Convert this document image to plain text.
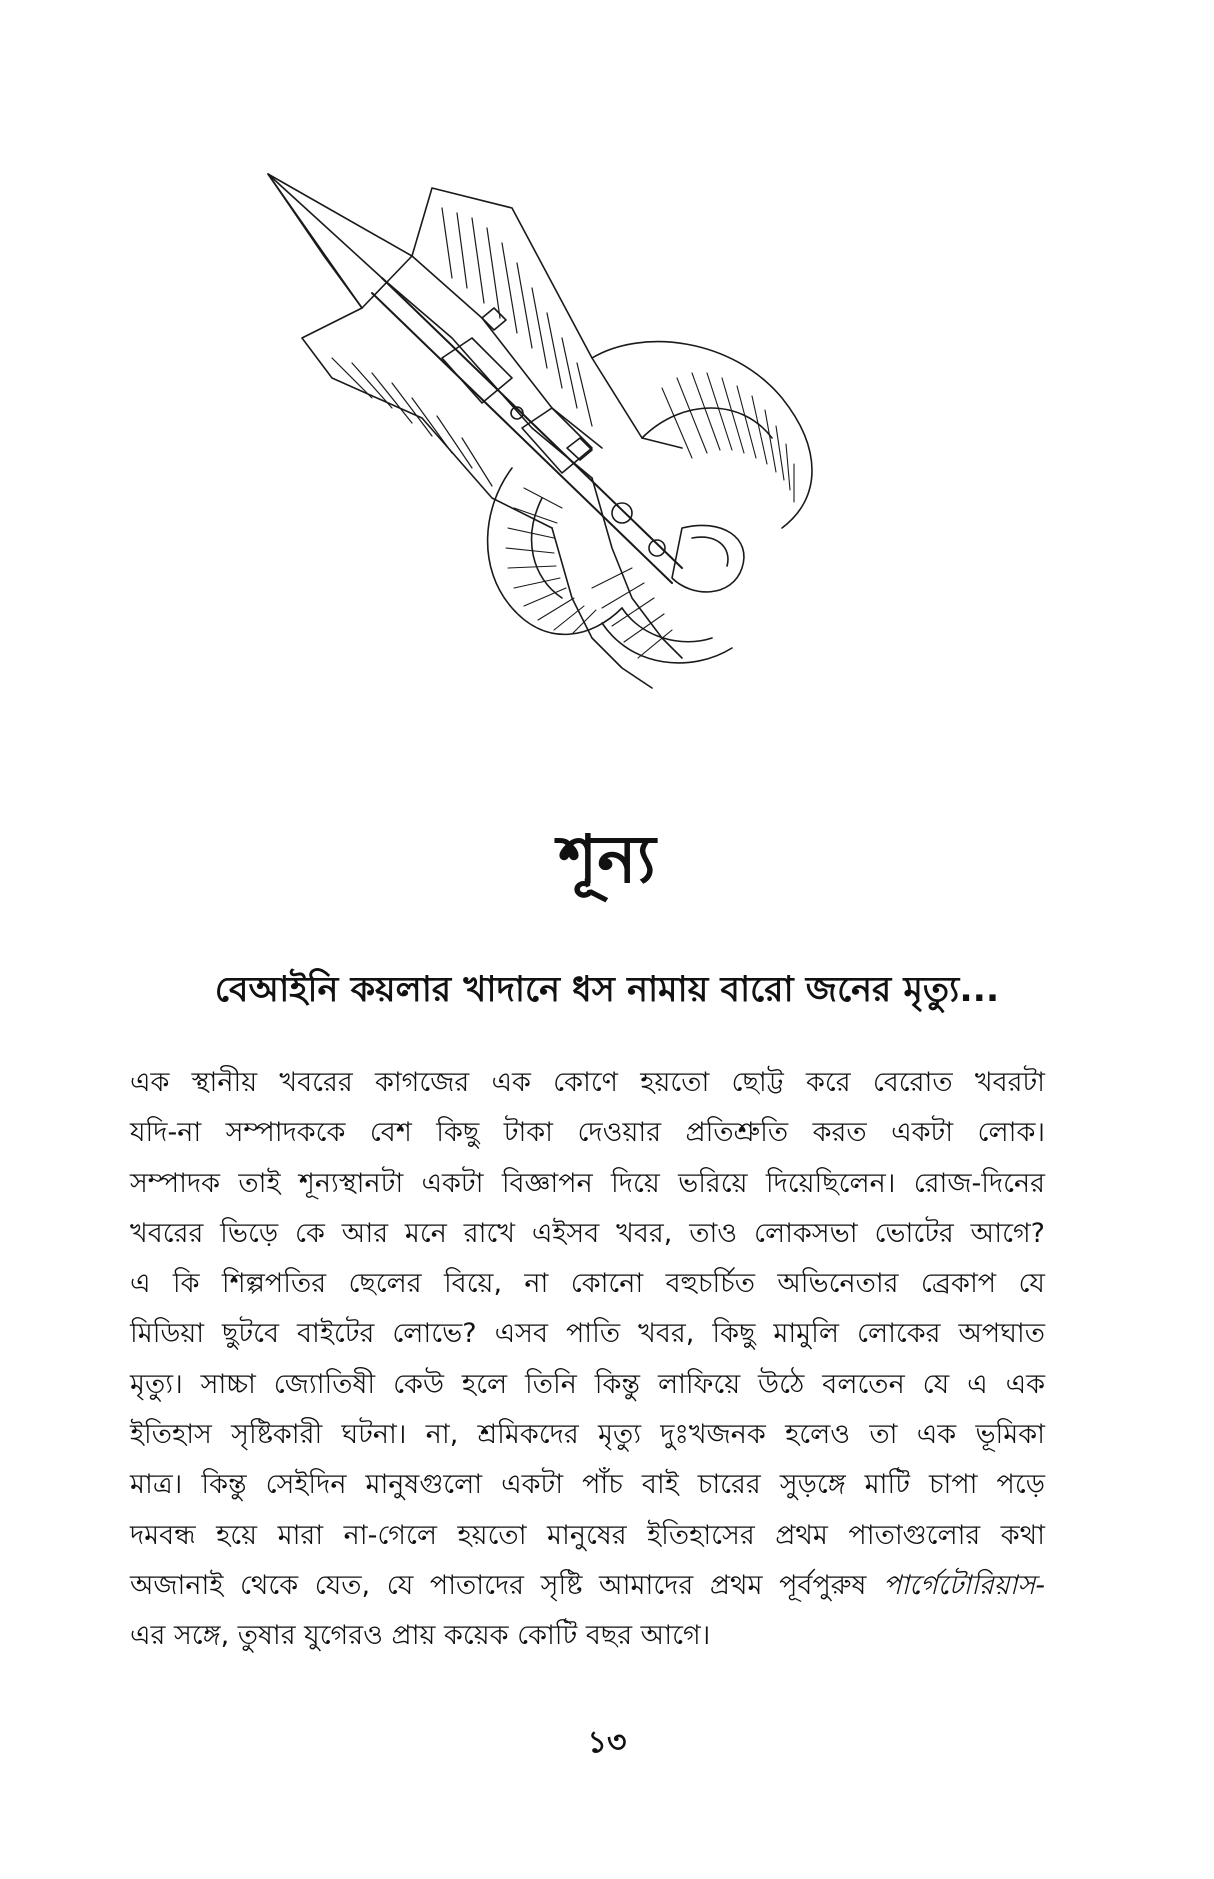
শূন্য
বেআইনি কয়লার খাদানে ধস নামায় বারো জনের মৃত্যু...
এক স্থানীয় খবরের কাগজের এক কোণে হয়তো ছোট্ট করে বেরোত খবরটা
যদি-না সম্পাদককে বেশ কিছু টাকা দেওয়ার প্রতিশ্রুতি করত একটা লোক।
সম্পাদক তাই শূন্যস্থানটা একটা বিজ্ঞাপন দিয়ে ভরিয়ে দিয়েছিলেন। রোজ-দিনের
খবরের ভিড়ে কে আর মনে রাখে এইসব খবর, তাও লোকসভা ভোটের আগে?
এ কি শিল্পপতির ছেলের বিয়ে, না কোনো বহুচর্চিত অভিনেতার ব্রেকাপ যে
মিডিয়া ছুটবে বাইটের লোভে? এসব পাতি খবর, কিছু মামুলি লোকের অপঘাত
মৃত্যু। সাচ্চা জ্যোতিষী কেউ হলে তিনি কিন্তু লাফিয়ে উঠে বলতেন যে এ এক
ইতিহাস সৃষ্টিকারী ঘটনা। না, শ্রমিকদের মৃত্যু দুঃখজনক হলেও তা এক ভূমিকা
মাত্র। কিন্তু সেইদিন মানুষগুলো একটা পাঁচ বাই চারের সুড়ঙ্গে মাটি চাপা পড়ে
দমবন্ধ হয়ে মারা না-গেলে হয়তো মানুষের ইতিহাসের প্রথম পাতাগুলোর কথা
অজানাই থেকে যেত, যে পাতাদের সৃষ্টি আমাদের প্রথম পূর্বপুরুষ পার্গেটোরিয়াস-
এর সঙ্গে, তুষার যুগেরও প্রায় কয়েক কোটি বছর আগে।
১৩
